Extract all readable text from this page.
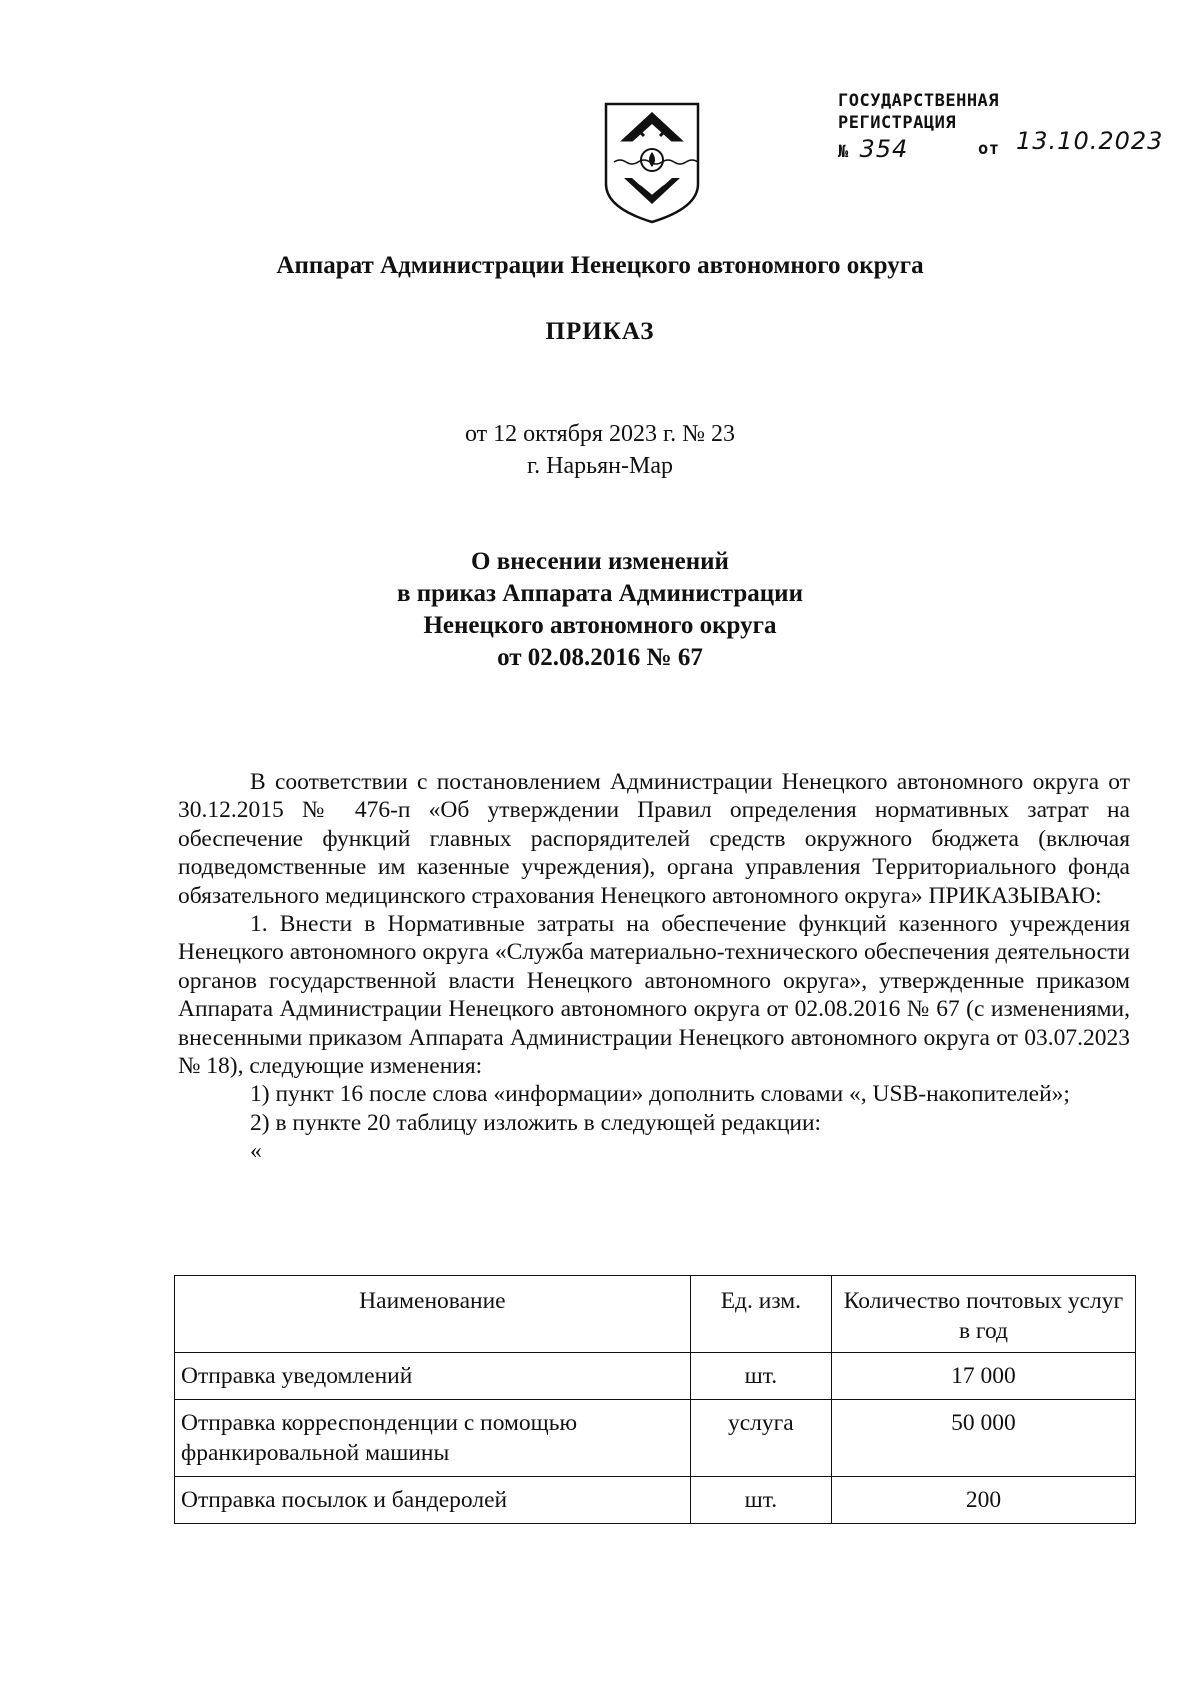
ГОСУДАРСТВЕННАЯ
РЕГИСТРАЦИЯ
№ 354	от 13.10.2023
Аппарат Администрации Ненецкого автономного округа
ПРИКАЗ
от 12 октября 2023 г. № 23
г. Нарьян-Мар
О внесении изменений
в приказ Аппарата Администрации
Ненецкого автономного округа
от 02.08.2016 № 67

В соответствии с постановлением Администрации Ненецкого автономного округа от 30.12.2015 № 476-п «Об утверждении Правил определения нормативных затрат на обеспечение функций главных распорядителей средств окружного бюджета (включая подведомственные им казенные учреждения), органа управления Территориального фонда обязательного медицинского страхования Ненецкого автономного округа» ПРИКАЗЫВАЮ:

1. Внести в Нормативные затраты на обеспечение функций казенного учреждения Ненецкого автономного округа «Служба материально-технического обеспечения деятельности органов государственной власти Ненецкого автономного округа», утвержденные приказом Аппарата Администрации Ненецкого автономного округа от 02.08.2016 № 67 (с изменениями, внесенными приказом Аппарата Администрации Ненецкого автономного округа от 03.07.2023 № 18), следующие изменения:

1) пункт 16 после слова «информации» дополнить словами «, USB-накопителей»;

2) в пункте 20 таблицу изложить в следующей редакции:

«

Наименование	Ед. изм.	Количество почтовых услуг в год
Отправка уведомлений	шт.	17 000
Отправка корреспонденции с помощью франкировальной машины	услуга	50 000
Отправка посылок и бандеролей	шт.	200
